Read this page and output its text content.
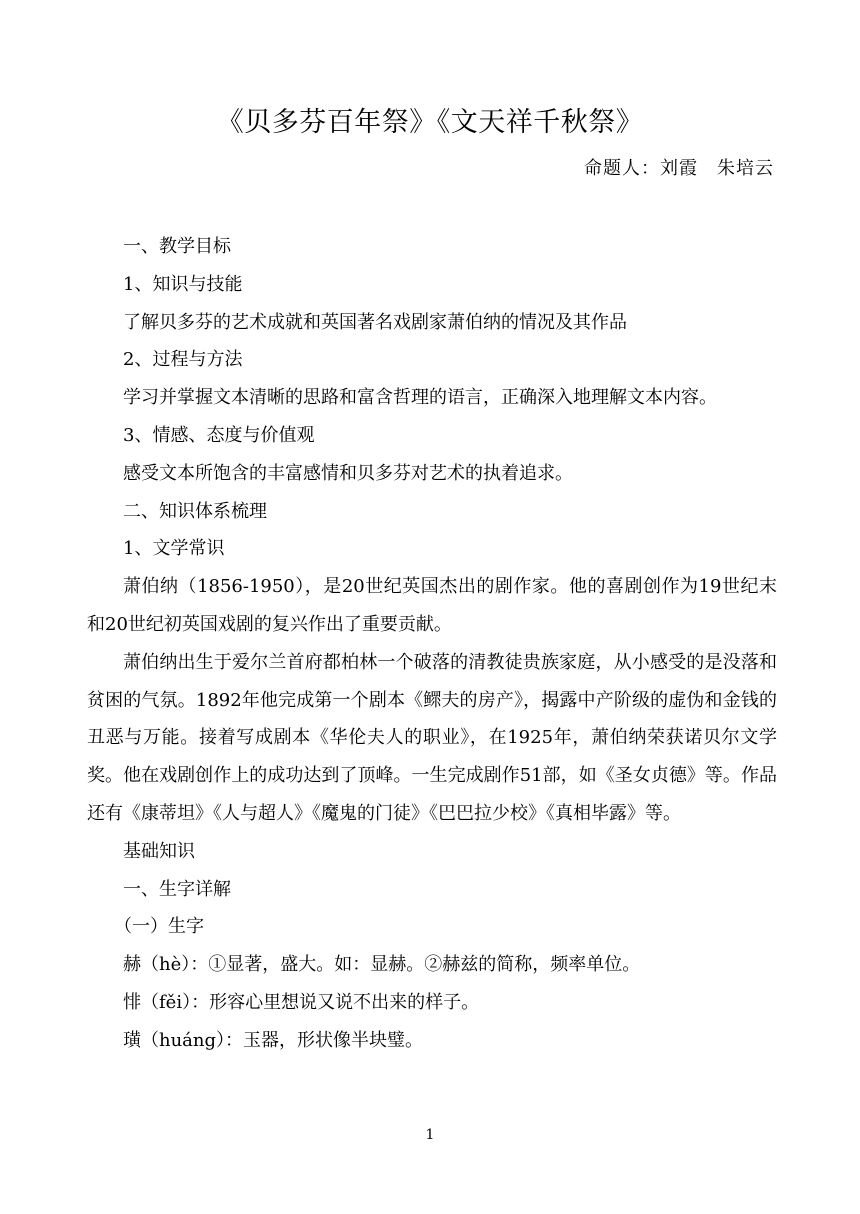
《贝多芬百年祭》《文天祥千秋祭》
命题人：刘霞　朱培云

一、教学目标

1、知识与技能

了解贝多芬的艺术成就和英国著名戏剧家萧伯纳的情况及其作品

2、过程与方法

学习并掌握文本清晰的思路和富含哲理的语言，正确深入地理解文本内容。

3、情感、态度与价值观

感受文本所饱含的丰富感情和贝多芬对艺术的执着追求。

二、知识体系梳理

1、文学常识

萧伯纳（1856-1950），是20世纪英国杰出的剧作家。他的喜剧创作为19世纪末和20世纪初英国戏剧的复兴作出了重要贡献。

萧伯纳出生于爱尔兰首府都柏林一个破落的清教徒贵族家庭，从小感受的是没落和贫困的气氛。1892年他完成第一个剧本《鳏夫的房产》，揭露中产阶级的虚伪和金钱的丑恶与万能。接着写成剧本《华伦夫人的职业》，在1925年，萧伯纳荣获诺贝尔文学奖。他在戏剧创作上的成功达到了顶峰。一生完成剧作51部，如《圣女贞德》等。作品还有《康蒂坦》《人与超人》《魔鬼的门徒》《巴巴拉少校》《真相毕露》等。

基础知识

一、生字详解

（一）生字

赫（hè）：①显著，盛大。如：显赫。②赫兹的简称，频率单位。

悱（fěi）：形容心里想说又说不出来的样子。

璜（huáng）：玉器，形状像半块璧。

1
